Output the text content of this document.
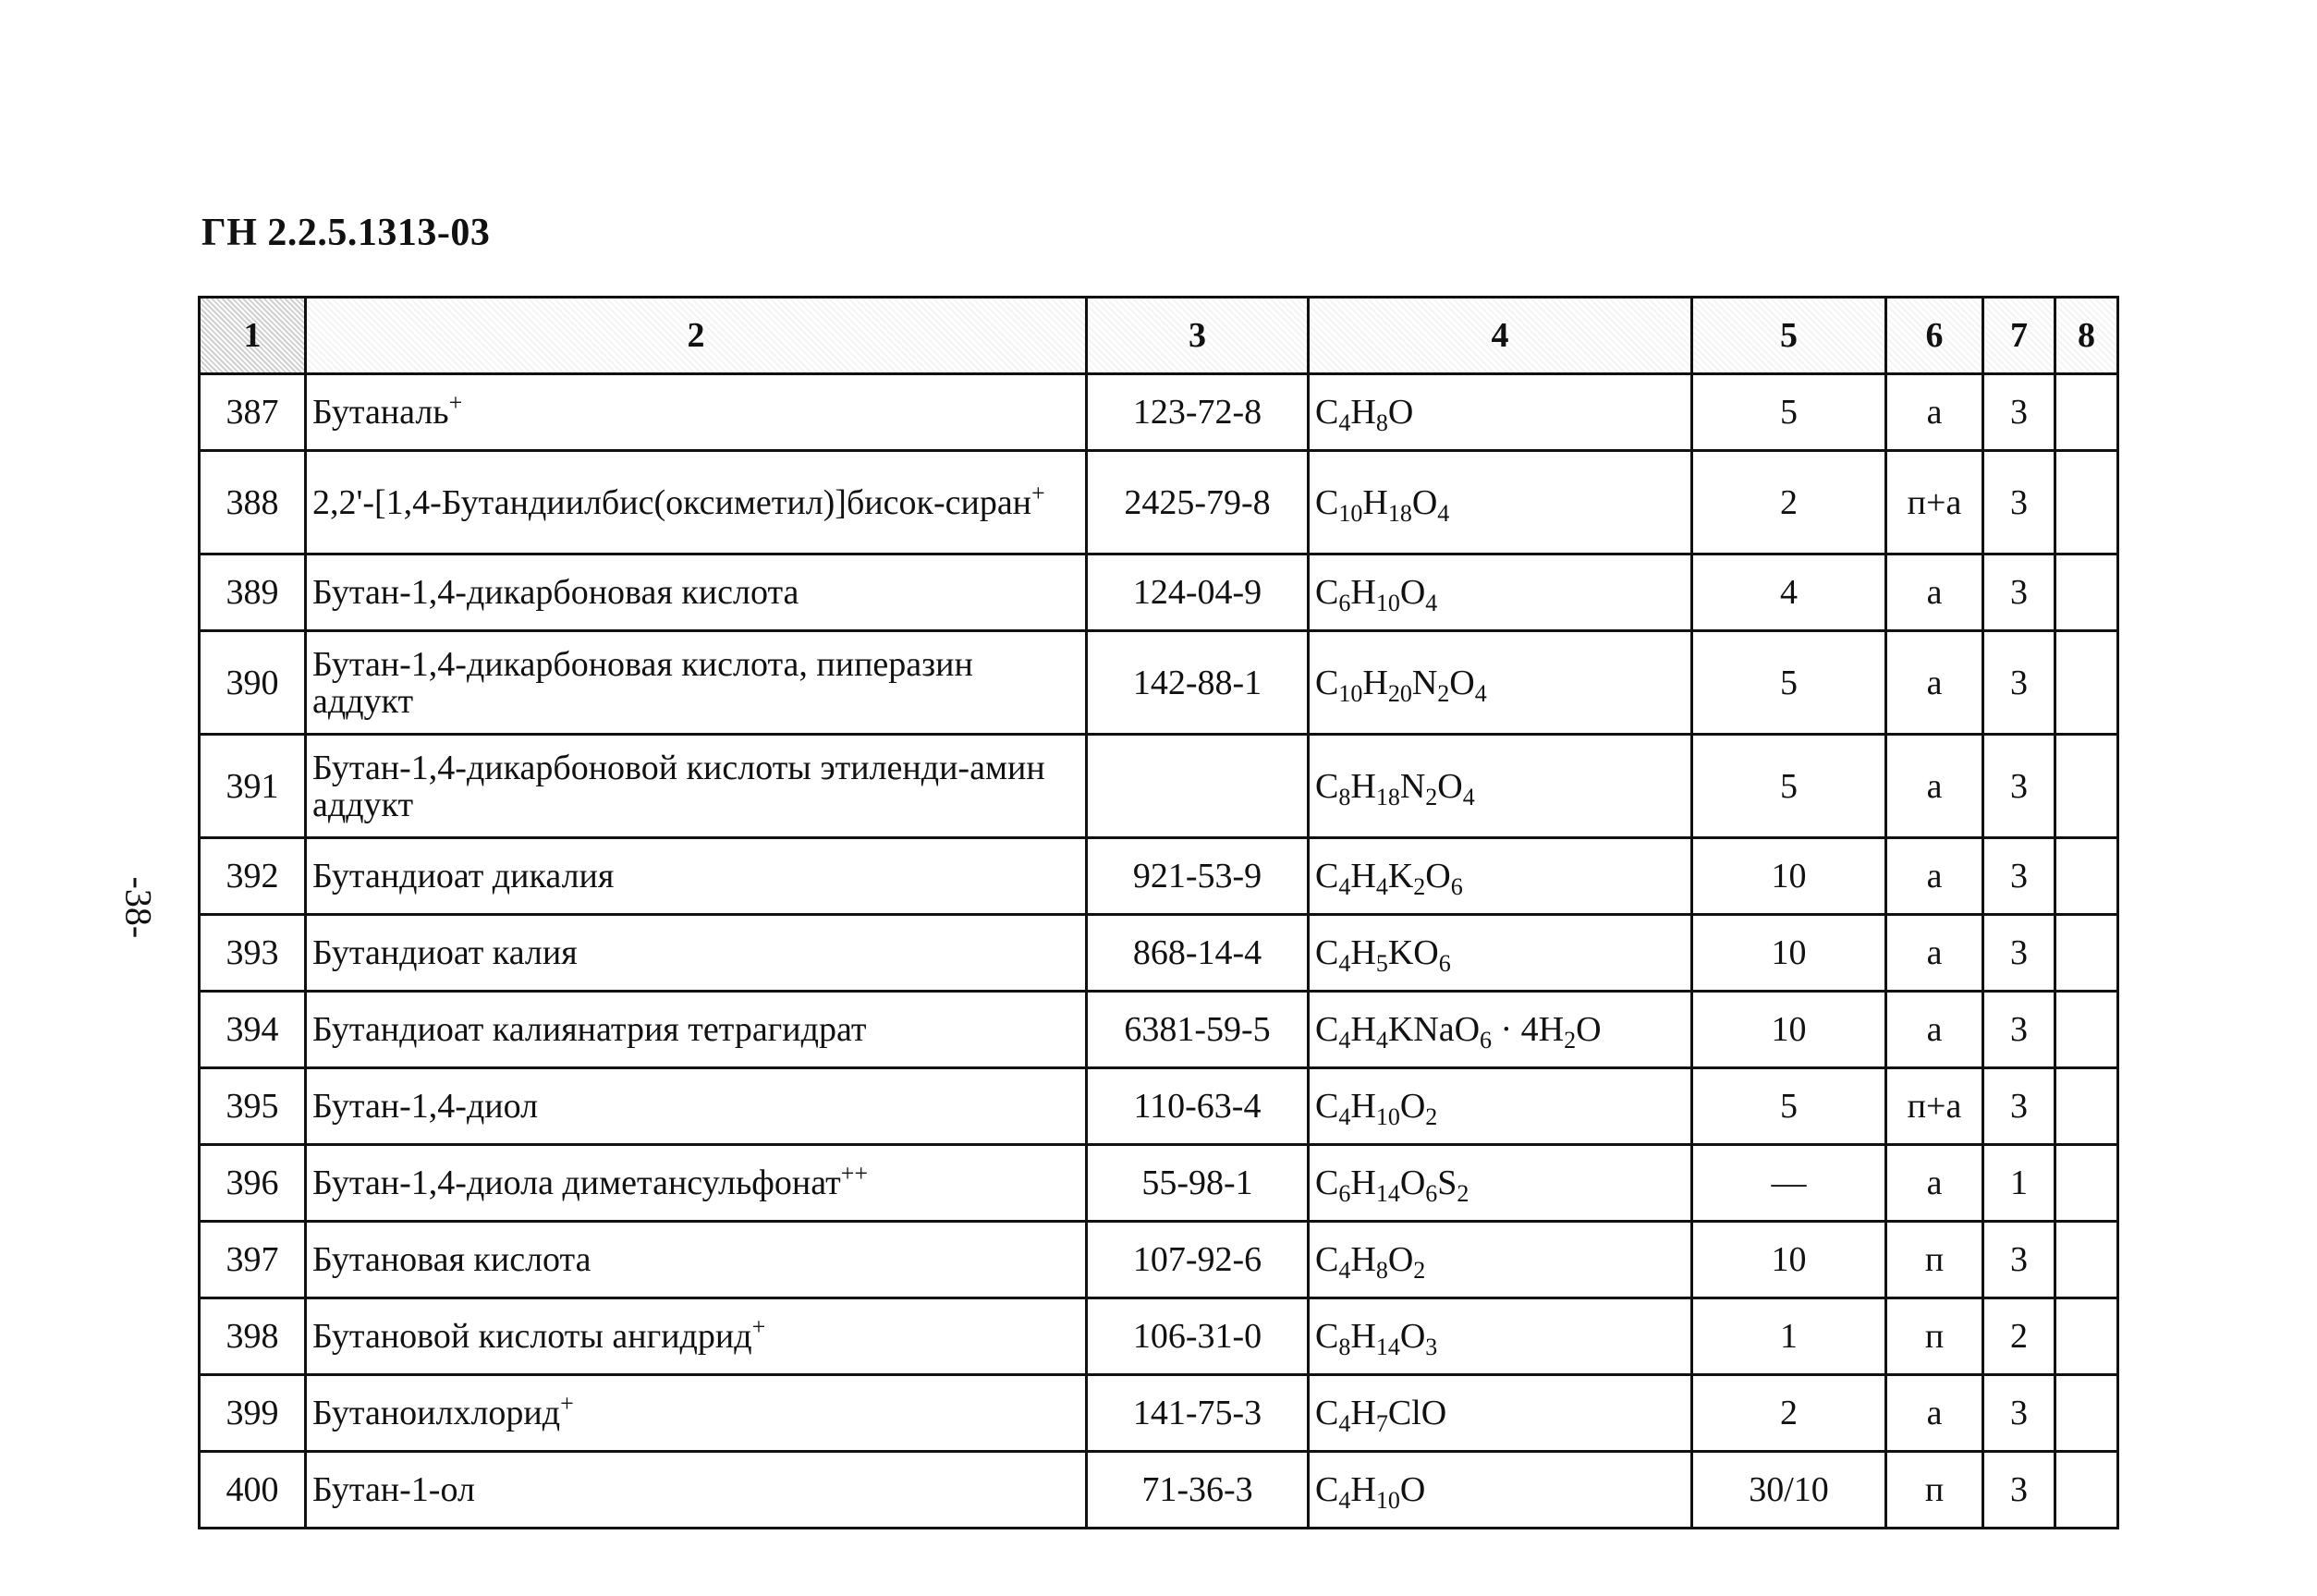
ГН 2.2.5.1313-03
-38-
1	2	3	4	5	6	7	8
387	Бутаналь+	123-72-8	$C_4H_8O$	5	а	3	
388	2,2'-[1,4-Бутандиилбис(оксиметил)]бисок-сиран+	2425-79-8	$C_{10}H_{18}O_4$	2	п+а	3	
389	Бутан-1,4-дикарбоновая кислота	124-04-9	$C_6H_{10}O_4$	4	а	3	
390	Бутан-1,4-дикарбоновая кислота, пиперазин аддукт	142-88-1	$C_{10}H_{20}N_2O_4$	5	а	3	
391	Бутан-1,4-дикарбоновой кислоты этиленди-амин аддукт		$C_8H_{18}N_2O_4$	5	а	3	
392	Бутандиоат дикалия	921-53-9	$C_4H_4K_2O_6$	10	а	3	
393	Бутандиоат калия	868-14-4	$C_4H_5KO_6$	10	а	3	
394	Бутандиоат калиянатрия тетрагидрат	6381-59-5	$C_4H_4KNaO_6 \cdot 4H_2O$	10	а	3	
395	Бутан-1,4-диол	110-63-4	$C_4H_{10}O_2$	5	п+а	3	
396	Бутан-1,4-диола диметансульфонат++	55-98-1	$C_6H_{14}O_6S_2$	—	а	1	
397	Бутановая кислота	107-92-6	$C_4H_8O_2$	10	п	3	
398	Бутановой кислоты ангидрид+	106-31-0	$C_8H_{14}O_3$	1	п	2	
399	Бутаноилхлорид+	141-75-3	$C_4H_7ClO$	2	а	3	
400	Бутан-1-ол	71-36-3	$C_4H_{10}O$	30/10	п	3	
